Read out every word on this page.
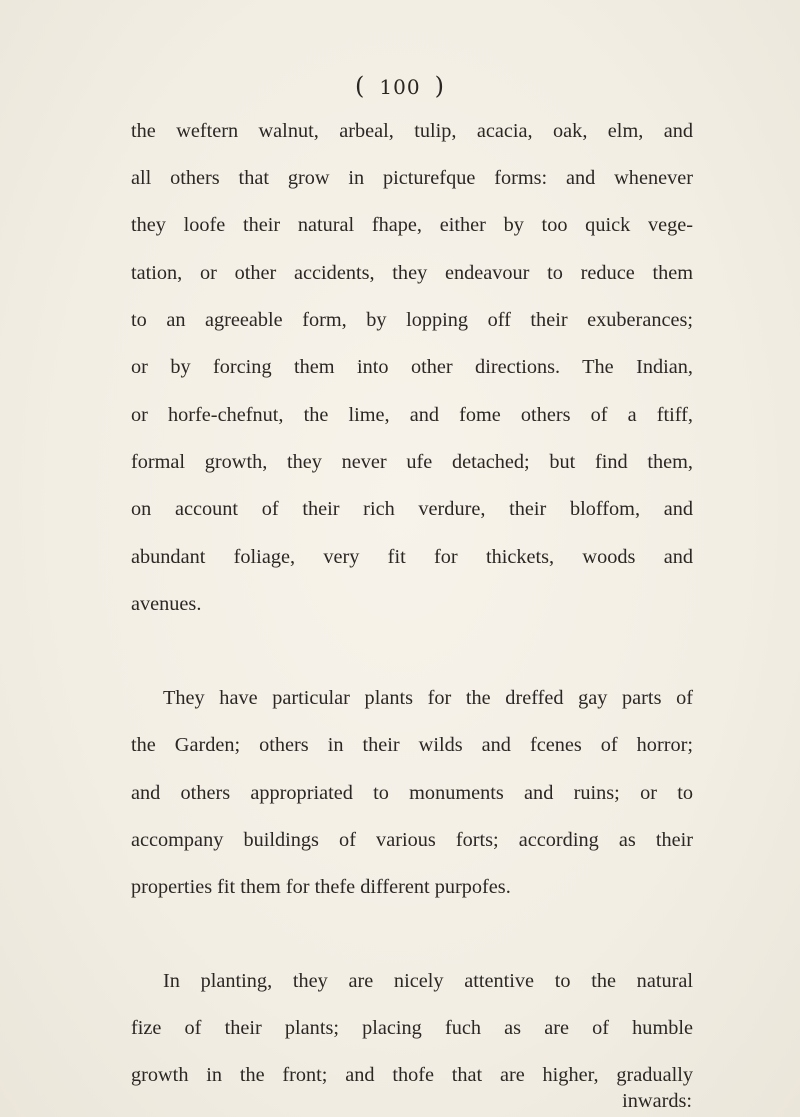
( 100 )
the weftern walnut, arbeal, tulip, acacia, oak, elm, and
all others that grow in picturefque forms: and whenever
they loofe their natural fhape, either by too quick vege-
tation, or other accidents, they endeavour to reduce them
to an agreeable form, by lopping off their exuberances;
or by forcing them into other directions. The Indian,
or horfe-chefnut, the lime, and fome others of a ftiff,
formal growth, they never ufe detached; but find them,
on account of their rich verdure, their bloffom, and
abundant foliage, very fit for thickets, woods and
avenues.
They have particular plants for the dreffed gay parts of
the Garden; others in their wilds and fcenes of horror;
and others appropriated to monuments and ruins; or to
accompany buildings of various forts; according as their
properties fit them for thefe different purpofes.
In planting, they are nicely attentive to the natural
fize of their plants; placing fuch as are of humble
growth in the front; and thofe that are higher, gradually
inwards:
